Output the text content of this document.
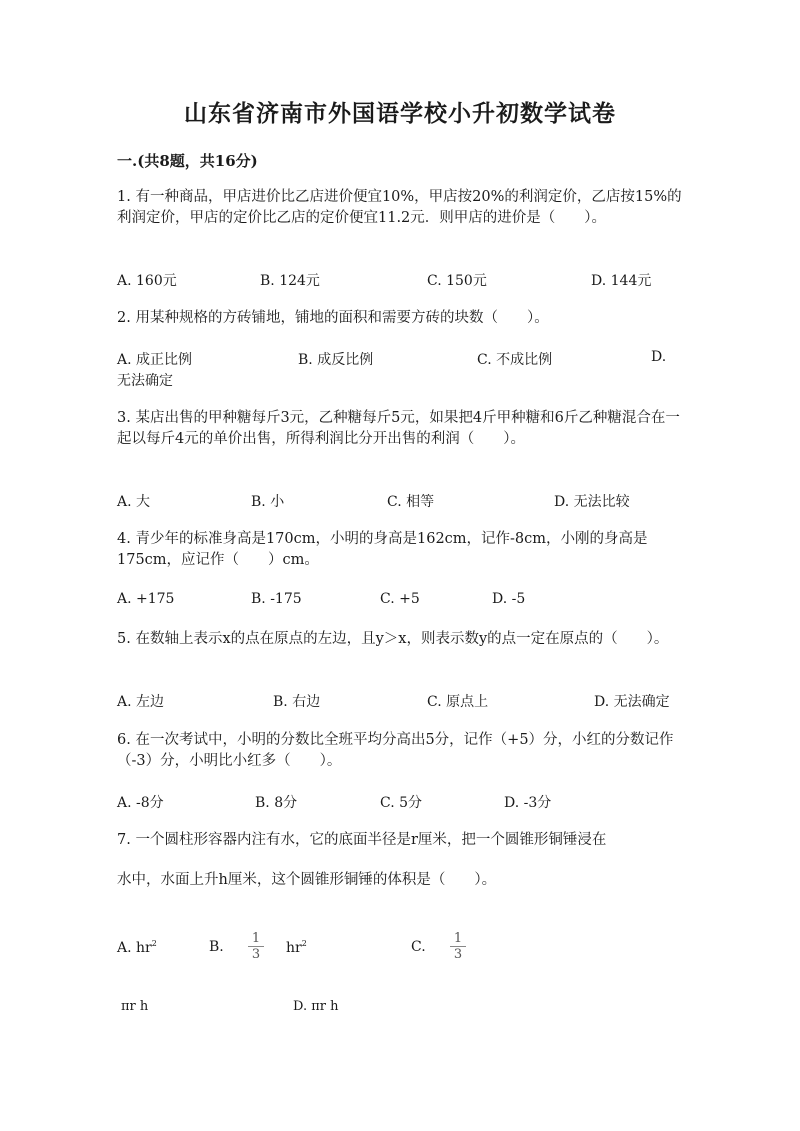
山东省济南市外国语学校小升初数学试卷
一.(共8题，共16分)
1. 有一种商品，甲店进价比乙店进价便宜10%，甲店按20%的利润定价，乙店按15%的利润定价，甲店的定价比乙店的定价便宜11.2元．则甲店的进价是（　　）。
A. 160元	B. 124元	C. 150元	D. 144元
2. 用某种规格的方砖铺地，铺地的面积和需要方砖的块数（　　）。
A. 成正比例	B. 成反比例	C. 不成比例	D.
无法确定
3. 某店出售的甲种糖每斤3元，乙种糖每斤5元，如果把4斤甲种糖和6斤乙种糖混合在一起以每斤4元的单价出售，所得利润比分开出售的利润（　　）。
A. 大	B. 小	C. 相等	D. 无法比较
4. 青少年的标准身高是170cm，小明的身高是162cm，记作-8cm，小刚的身高是175cm，应记作（　　）cm。
A. +175	B. -175	C. +5	D. -5
5. 在数轴上表示x的点在原点的左边，且y＞x，则表示数y的点一定在原点的（　　）。
A. 左边	B. 右边	C. 原点上	D. 无法确定
6. 在一次考试中，小明的分数比全班平均分高出5分，记作（+5）分，小红的分数记作（-3）分，小明比小红多（　　）。
A. -8分	B. 8分	C. 5分	D. -3分
7. 一个圆柱形容器内注有水，它的底面半径是r厘米，把一个圆锥形铜锤浸在
水中，水面上升h厘米，这个圆锥形铜锤的体积是（　　）。
A. $hr^2$	B. $\frac{1}{3} hr^2$	C. $\frac{1}{3}$
πr h	D. πr h
